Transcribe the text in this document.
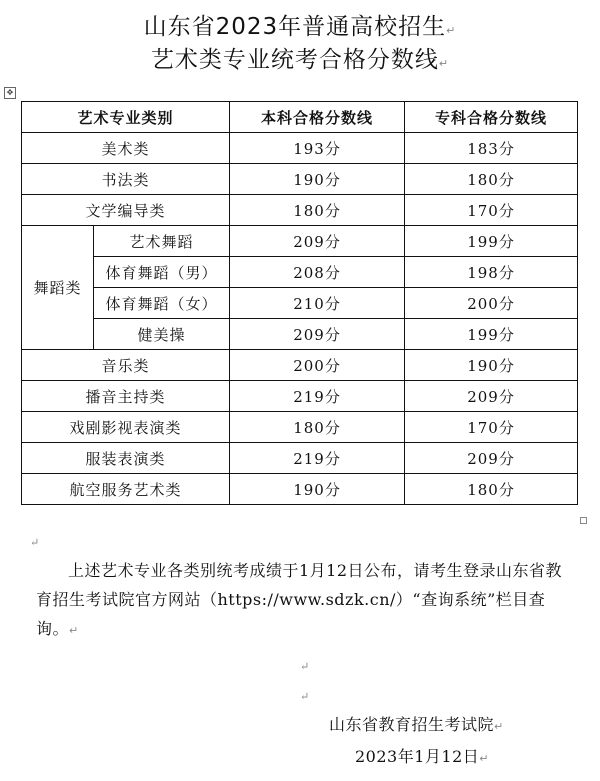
山东省2023年普通高校招生↵
艺术类专业统考合格分数线↵
✥
艺术专业类别		本科合格分数线	专科合格分数线
美术类		193分	183分
书法类		190分	180分
文学编导类		180分	170分
舞蹈类	艺术舞蹈	209分	199分
	体育舞蹈（男）	208分	198分
	体育舞蹈（女）	210分	200分
	健美操	209分	199分
音乐类		200分	190分
播音主持类		219分	209分
戏剧影视表演类		180分	170分
服装表演类		219分	209分
航空服务艺术类		190分	180分
↵
上述艺术专业各类别统考成绩于1月12日公布，请考生登录山东省教育招生考试院官方网站（https://www.sdzk.cn/）“查询系统”栏目查询。↵
↵
↵
山东省教育招生考试院↵
2023年1月12日↵
